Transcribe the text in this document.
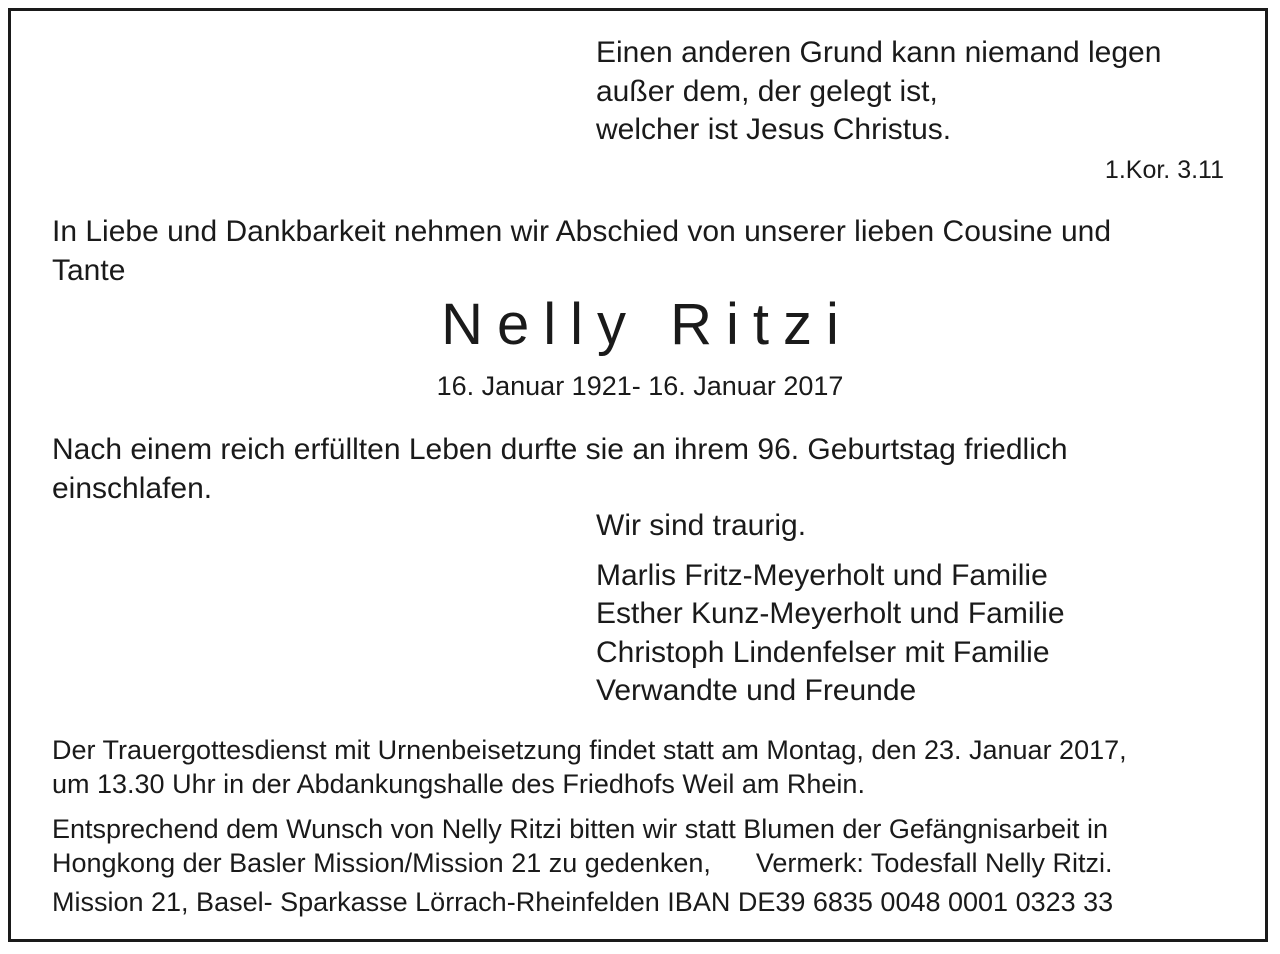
Einen anderen Grund kann niemand legen
außer dem, der gelegt ist,
welcher ist Jesus Christus.
1.Kor. 3.11
In Liebe und Dankbarkeit nehmen wir Abschied von unserer lieben Cousine und
Tante
Nelly Ritzi
16. Januar 1921- 16. Januar 2017
Nach einem reich erfüllten Leben durfte sie an ihrem 96. Geburtstag friedlich
einschlafen.
Wir sind traurig.
Marlis Fritz-Meyerholt und Familie
Esther Kunz-Meyerholt und Familie
Christoph Lindenfelser mit Familie
Verwandte und Freunde
Der Trauergottesdienst mit Urnenbeisetzung findet statt am Montag, den 23. Januar 2017,
um 13.30 Uhr in der Abdankungshalle des Friedhofs Weil am Rhein.
Entsprechend dem Wunsch von Nelly Ritzi bitten wir statt Blumen der Gefängnisarbeit in
Hongkong der Basler Mission/Mission 21 zu gedenken,      Vermerk: Todesfall Nelly Ritzi.
Mission 21, Basel- Sparkasse Lörrach-Rheinfelden IBAN DE39 6835 0048 0001 0323 33
